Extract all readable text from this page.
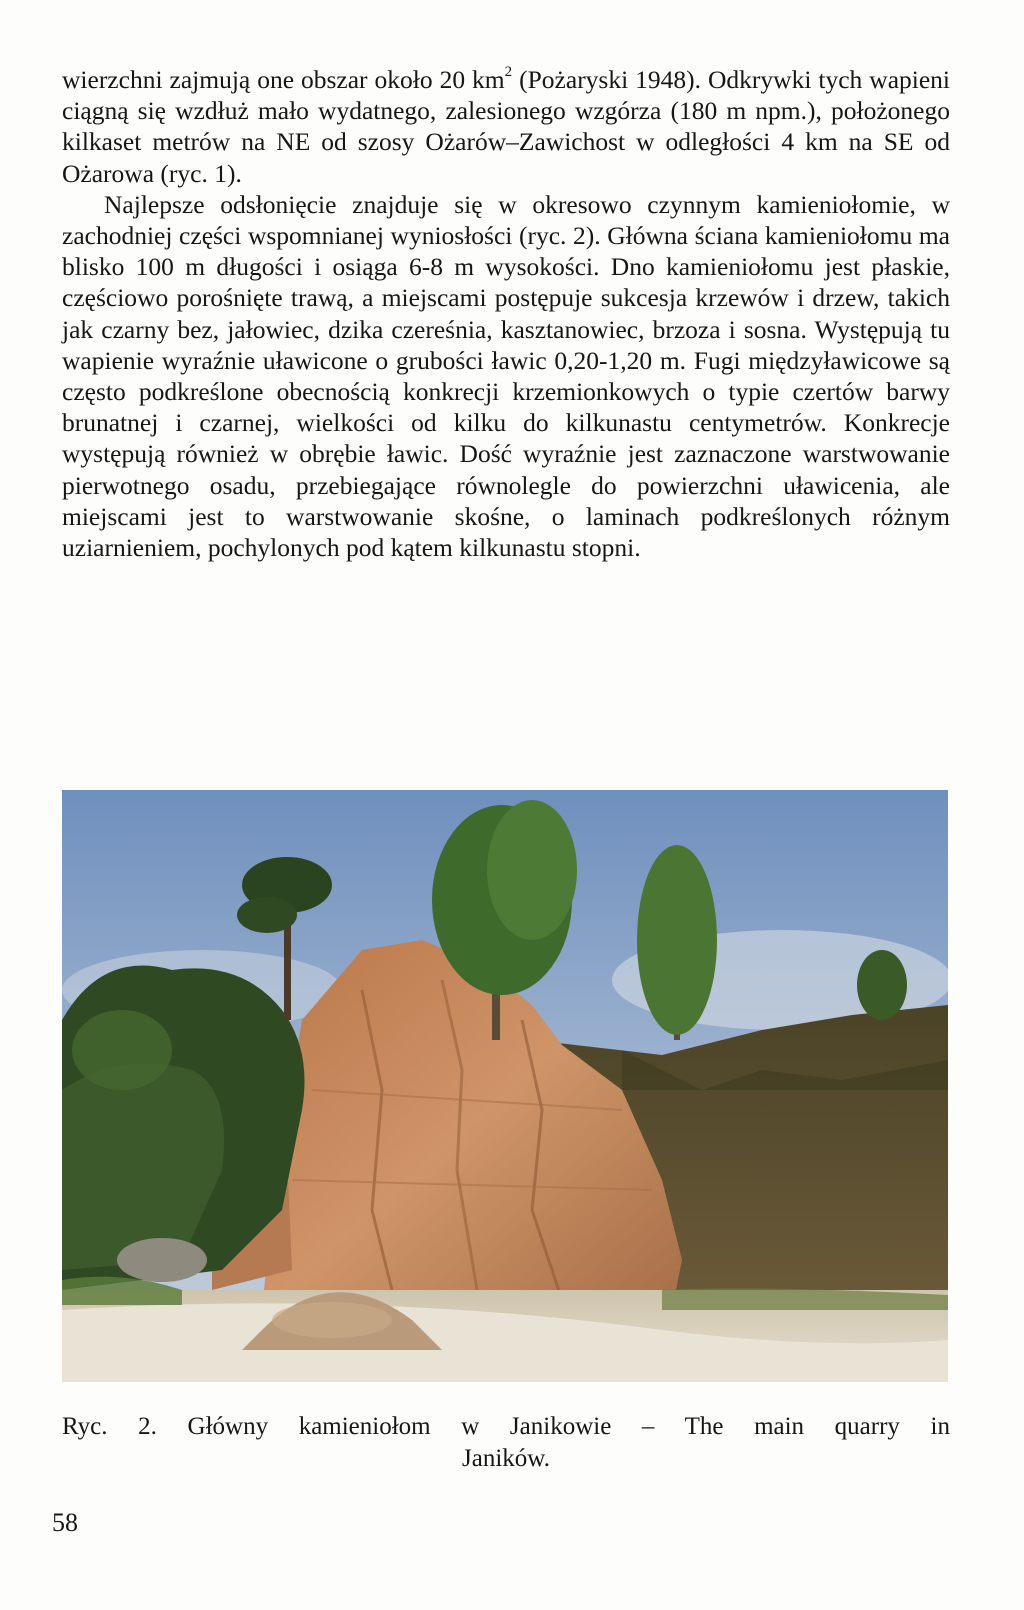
wierzchni zajmują one obszar około 20 $km^2$ (Pożaryski 1948). Odkrywki tych wapieni ciągną się wzdłuż mało wydatnego, zalesionego wzgórza (180 m npm.), położonego kilkaset metrów na NE od szosy Ożarów–Zawichost w odległości 4 km na SE od Ożarowa (ryc. 1).

Najlepsze odsłonięcie znajduje się w okresowo czynnym kamieniołomie, w zachodniej części wspomnianej wyniosłości (ryc. 2). Główna ściana kamieniołomu ma blisko 100 m długości i osiąga 6-8 m wysokości. Dno kamieniołomu jest płaskie, częściowo porośnięte trawą, a miejscami postępuje sukcesja krzewów i drzew, takich jak czarny bez, jałowiec, dzika czereśnia, kasztanowiec, brzoza i sosna. Występują tu wapienie wyraźnie uławicone o grubości ławic 0,20-1,20 m. Fugi międzyławicowe są często podkreślone obecnością konkrecji krzemionkowych o typie czertów barwy brunatnej i czarnej, wielkości od kilku do kilkunastu centymetrów. Konkrecje występują również w obrębie ławic. Dość wyraźnie jest zaznaczone warstwowanie pierwotnego osadu, przebiegające równolegle do powierzchni uławicenia, ale miejscami jest to warstwowanie skośne, o laminach podkreślonych różnym uziarnieniem, pochylonych pod kątem kilkunastu stopni.

Ryc. 2. Główny kamieniołom w Janikowie – The main quarry in
Janików.
58
